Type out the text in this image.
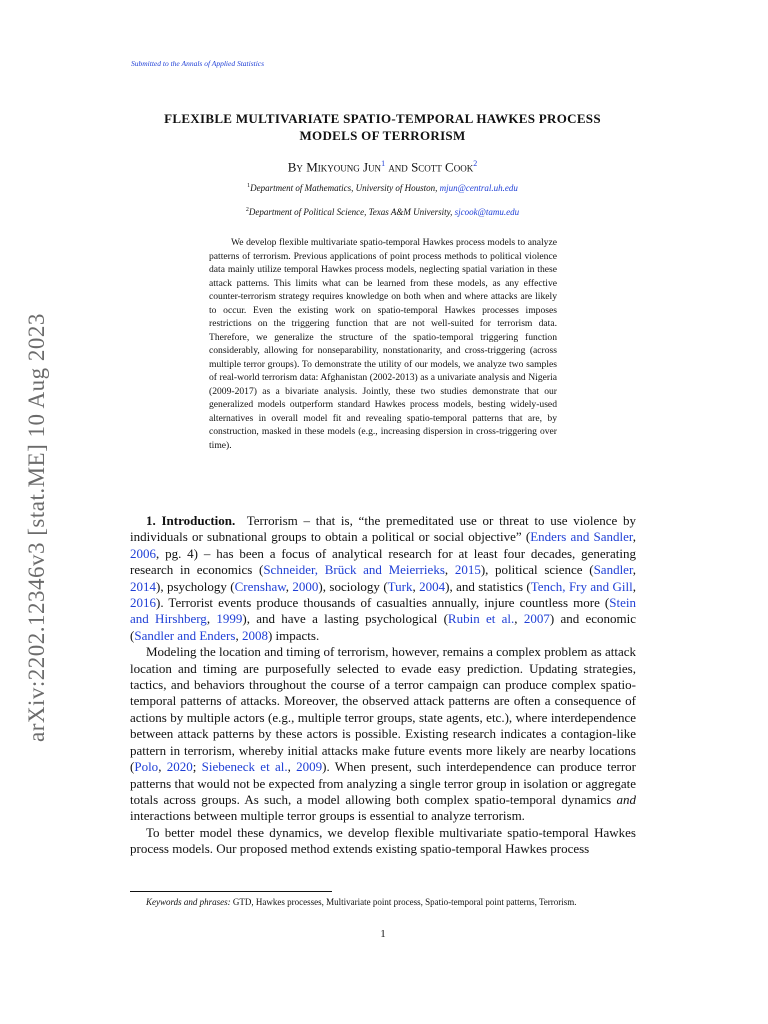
arXiv:2202.12346v3 [stat.ME] 10 Aug 2023
Submitted to the Annals of Applied Statistics
FLEXIBLE MULTIVARIATE SPATIO-TEMPORAL HAWKES PROCESS
MODELS OF TERRORISM
By Mikyoung Jun$^1$ and Scott Cook$^2$
$^1$Department of Mathematics, University of Houston, mjun@central.uh.edu
$^2$Department of Political Science, Texas A&M University, sjcook@tamu.edu
We develop flexible multivariate spatio-temporal Hawkes process models to analyze patterns of terrorism. Previous applications of point process methods to political violence data mainly utilize temporal Hawkes process models, neglecting spatial variation in these attack patterns. This limits what can be learned from these models, as any effective counter-terrorism strategy requires knowledge on both when and where attacks are likely to occur. Even the existing work on spatio-temporal Hawkes processes imposes restrictions on the triggering function that are not well-suited for terrorism data. Therefore, we generalize the structure of the spatio-temporal triggering function considerably, allowing for nonseparability, nonstationarity, and cross-triggering (across multiple terror groups). To demonstrate the utility of our models, we analyze two samples of real-world terrorism data: Afghanistan (2002-2013) as a univariate analysis and Nigeria (2009-2017) as a bivariate analysis. Jointly, these two studies demonstrate that our generalized models outperform standard Hawkes process models, besting widely-used alternatives in overall model fit and revealing spatio-temporal patterns that are, by construction, masked in these models (e.g., increasing dispersion in cross-triggering over time).

1. Introduction. Terrorism – that is, “the premeditated use or threat to use violence by individuals or subnational groups to obtain a political or social objective” (Enders and Sandler, 2006, pg. 4) – has been a focus of analytical research for at least four decades, generating research in economics (Schneider, Brück and Meierrieks, 2015), political science (Sandler, 2014), psychology (Crenshaw, 2000), sociology (Turk, 2004), and statistics (Tench, Fry and Gill, 2016). Terrorist events produce thousands of casualties annually, injure countless more (Stein and Hirshberg, 1999), and have a lasting psychological (Rubin et al., 2007) and economic (Sandler and Enders, 2008) impacts.

Modeling the location and timing of terrorism, however, remains a complex problem as attack location and timing are purposefully selected to evade easy prediction. Updating strategies, tactics, and behaviors throughout the course of a terror campaign can produce complex spatio-temporal patterns of attacks. Moreover, the observed attack patterns are often a consequence of actions by multiple actors (e.g., multiple terror groups, state agents, etc.), where interdependence between attack patterns by these actors is possible. Existing research indicates a contagion-like pattern in terrorism, whereby initial attacks make future events more likely are nearby locations (Polo, 2020; Siebeneck et al., 2009). When present, such interdependence can produce terror patterns that would not be expected from analyzing a single terror group in isolation or aggregate totals across groups. As such, a model allowing both complex spatio-temporal dynamics and interactions between multiple terror groups is essential to analyze terrorism.

To better model these dynamics, we develop flexible multivariate spatio-temporal Hawkes process models. Our proposed method extends existing spatio-temporal Hawkes process

Keywords and phrases: GTD, Hawkes processes, Multivariate point process, Spatio-temporal point patterns, Terrorism.
1
